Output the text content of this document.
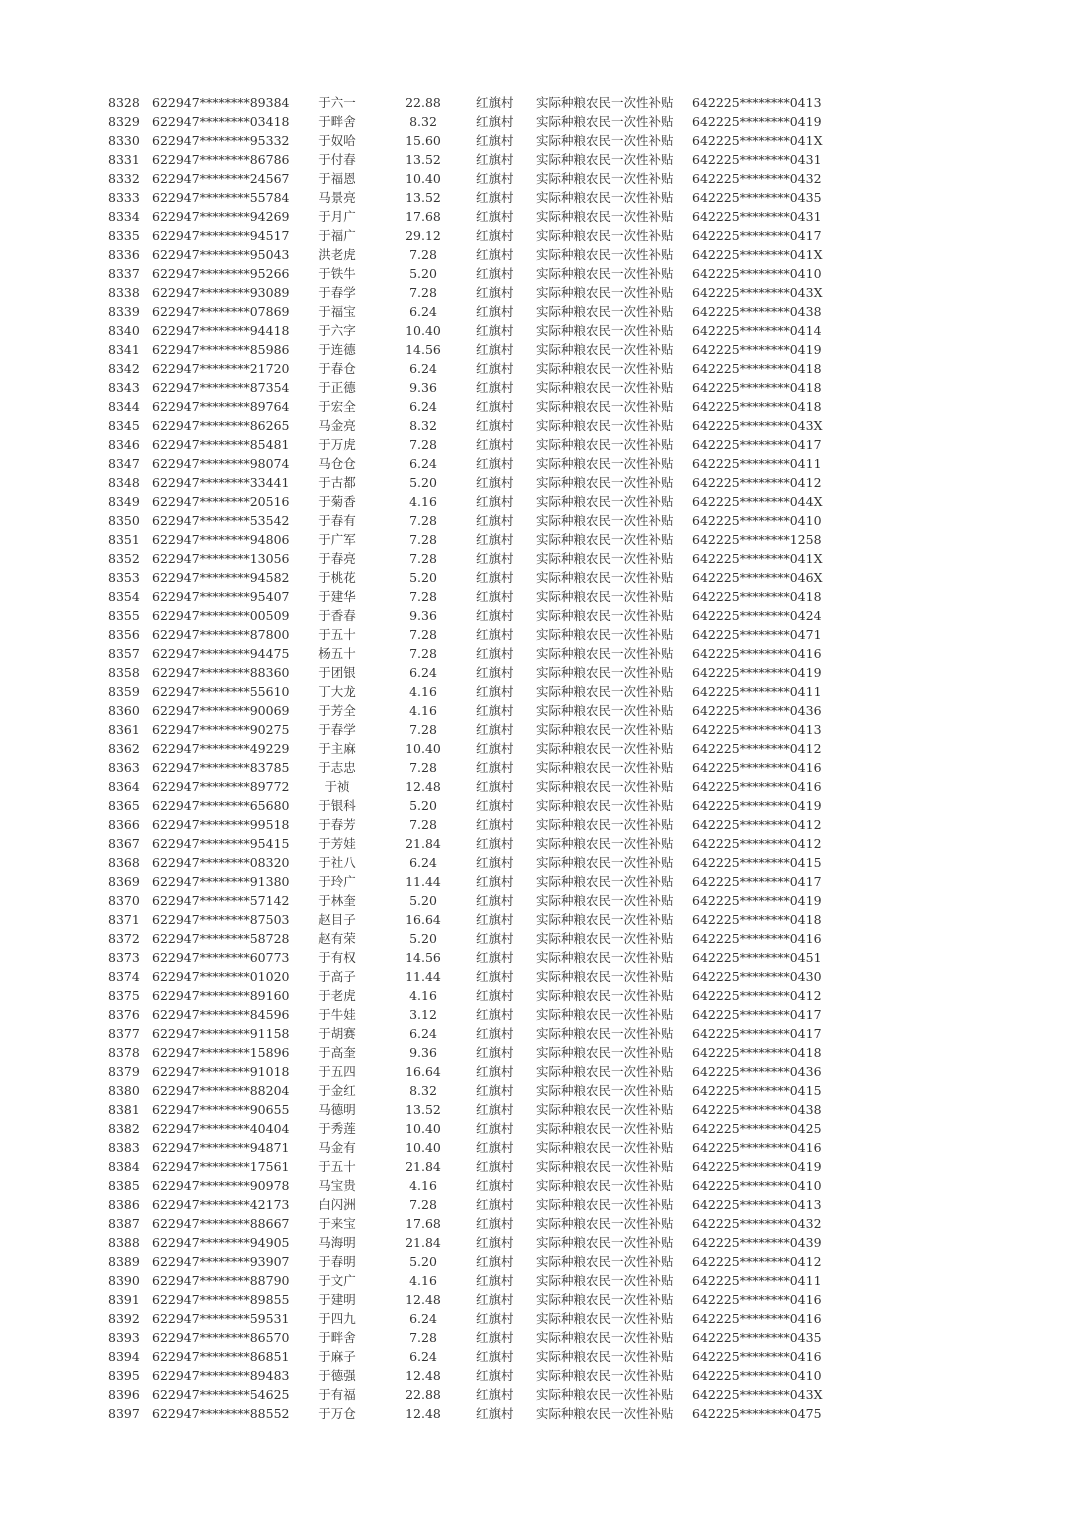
8328 622947********89384	于六一	22.88	红旗村 实际种粮农民一次性补贴 642225********0413
8329 622947********03418	于畔舍	8.32	红旗村 实际种粮农民一次性补贴 642225********0419
8330 622947********95332	于奴哈	15.60	红旗村 实际种粮农民一次性补贴 642225********041X
8331 622947********86786	于付春	13.52	红旗村 实际种粮农民一次性补贴 642225********0431
8332 622947********24567	于福恩	10.40	红旗村 实际种粮农民一次性补贴 642225********0432
8333 622947********55784	马景亮	13.52	红旗村 实际种粮农民一次性补贴 642225********0435
8334 622947********94269	于月广	17.68	红旗村 实际种粮农民一次性补贴 642225********0431
8335 622947********94517	于福广	29.12	红旗村 实际种粮农民一次性补贴 642225********0417
8336 622947********95043	洪老虎	7.28	红旗村 实际种粮农民一次性补贴 642225********041X
8337 622947********95266	于铁牛	5.20	红旗村 实际种粮农民一次性补贴 642225********0410
8338 622947********93089	于春学	7.28	红旗村 实际种粮农民一次性补贴 642225********043X
8339 622947********07869	于福宝	6.24	红旗村 实际种粮农民一次性补贴 642225********0438
8340 622947********94418	于六字	10.40	红旗村 实际种粮农民一次性补贴 642225********0414
8341 622947********85986	于连德	14.56	红旗村 实际种粮农民一次性补贴 642225********0419
8342 622947********21720	于春仓	6.24	红旗村 实际种粮农民一次性补贴 642225********0418
8343 622947********87354	于正德	9.36	红旗村 实际种粮农民一次性补贴 642225********0418
8344 622947********89764	于宏全	6.24	红旗村 实际种粮农民一次性补贴 642225********0418
8345 622947********86265	马金亮	8.32	红旗村 实际种粮农民一次性补贴 642225********043X
8346 622947********85481	于万虎	7.28	红旗村 实际种粮农民一次性补贴 642225********0417
8347 622947********98074	马仓仓	6.24	红旗村 实际种粮农民一次性补贴 642225********0411
8348 622947********33441	于古都	5.20	红旗村 实际种粮农民一次性补贴 642225********0412
8349 622947********20516	于菊香	4.16	红旗村 实际种粮农民一次性补贴 642225********044X
8350 622947********53542	于春有	7.28	红旗村 实际种粮农民一次性补贴 642225********0410
8351 622947********94806	于广军	7.28	红旗村 实际种粮农民一次性补贴 642225********1258
8352 622947********13056	于春亮	7.28	红旗村 实际种粮农民一次性补贴 642225********041X
8353 622947********94582	于桃花	5.20	红旗村 实际种粮农民一次性补贴 642225********046X
8354 622947********95407	于建华	7.28	红旗村 实际种粮农民一次性补贴 642225********0418
8355 622947********00509	于香春	9.36	红旗村 实际种粮农民一次性补贴 642225********0424
8356 622947********87800	于五十	7.28	红旗村 实际种粮农民一次性补贴 642225********0471
8357 622947********94475	杨五十	7.28	红旗村 实际种粮农民一次性补贴 642225********0416
8358 622947********88360	于团银	6.24	红旗村 实际种粮农民一次性补贴 642225********0419
8359 622947********55610	丁大龙	4.16	红旗村 实际种粮农民一次性补贴 642225********0411
8360 622947********90069	于芳全	4.16	红旗村 实际种粮农民一次性补贴 642225********0436
8361 622947********90275	于春学	7.28	红旗村 实际种粮农民一次性补贴 642225********0413
8362 622947********49229	于主麻	10.40	红旗村 实际种粮农民一次性补贴 642225********0412
8363 622947********83785	于志忠	7.28	红旗村 实际种粮农民一次性补贴 642225********0416
8364 622947********89772	于祯	12.48	红旗村 实际种粮农民一次性补贴 642225********0416
8365 622947********65680	于银科	5.20	红旗村 实际种粮农民一次性补贴 642225********0419
8366 622947********99518	于春芳	7.28	红旗村 实际种粮农民一次性补贴 642225********0412
8367 622947********95415	于芳娃	21.84	红旗村 实际种粮农民一次性补贴 642225********0412
8368 622947********08320	于社八	6.24	红旗村 实际种粮农民一次性补贴 642225********0415
8369 622947********91380	于玲广	11.44	红旗村 实际种粮农民一次性补贴 642225********0417
8370 622947********57142	于林奎	5.20	红旗村 实际种粮农民一次性补贴 642225********0419
8371 622947********87503	赵目子	16.64	红旗村 实际种粮农民一次性补贴 642225********0418
8372 622947********58728	赵有荣	5.20	红旗村 实际种粮农民一次性补贴 642225********0416
8373 622947********60773	于有权	14.56	红旗村 实际种粮农民一次性补贴 642225********0451
8374 622947********01020	于高子	11.44	红旗村 实际种粮农民一次性补贴 642225********0430
8375 622947********89160	于老虎	4.16	红旗村 实际种粮农民一次性补贴 642225********0412
8376 622947********84596	于牛娃	3.12	红旗村 实际种粮农民一次性补贴 642225********0417
8377 622947********91158	于胡赛	6.24	红旗村 实际种粮农民一次性补贴 642225********0417
8378 622947********15896	于高奎	9.36	红旗村 实际种粮农民一次性补贴 642225********0418
8379 622947********91018	于五四	16.64	红旗村 实际种粮农民一次性补贴 642225********0436
8380 622947********88204	于金红	8.32	红旗村 实际种粮农民一次性补贴 642225********0415
8381 622947********90655	马德明	13.52	红旗村 实际种粮农民一次性补贴 642225********0438
8382 622947********40404	于秀莲	10.40	红旗村 实际种粮农民一次性补贴 642225********0425
8383 622947********94871	马金有	10.40	红旗村 实际种粮农民一次性补贴 642225********0416
8384 622947********17561	于五十	21.84	红旗村 实际种粮农民一次性补贴 642225********0419
8385 622947********90978	马宝贵	4.16	红旗村 实际种粮农民一次性补贴 642225********0410
8386 622947********42173	白闪洲	7.28	红旗村 实际种粮农民一次性补贴 642225********0413
8387 622947********88667	于来宝	17.68	红旗村 实际种粮农民一次性补贴 642225********0432
8388 622947********94905	马海明	21.84	红旗村 实际种粮农民一次性补贴 642225********0439
8389 622947********93907	于春明	5.20	红旗村 实际种粮农民一次性补贴 642225********0412
8390 622947********88790	于文广	4.16	红旗村 实际种粮农民一次性补贴 642225********0411
8391 622947********89855	于建明	12.48	红旗村 实际种粮农民一次性补贴 642225********0416
8392 622947********59531	于四九	6.24	红旗村 实际种粮农民一次性补贴 642225********0416
8393 622947********86570	于畔舍	7.28	红旗村 实际种粮农民一次性补贴 642225********0435
8394 622947********86851	于麻子	6.24	红旗村 实际种粮农民一次性补贴 642225********0416
8395 622947********89483	于德强	12.48	红旗村 实际种粮农民一次性补贴 642225********0410
8396 622947********54625	于有福	22.88	红旗村 实际种粮农民一次性补贴 642225********043X
8397 622947********88552	于万仓	12.48	红旗村 实际种粮农民一次性补贴 642225********0475
